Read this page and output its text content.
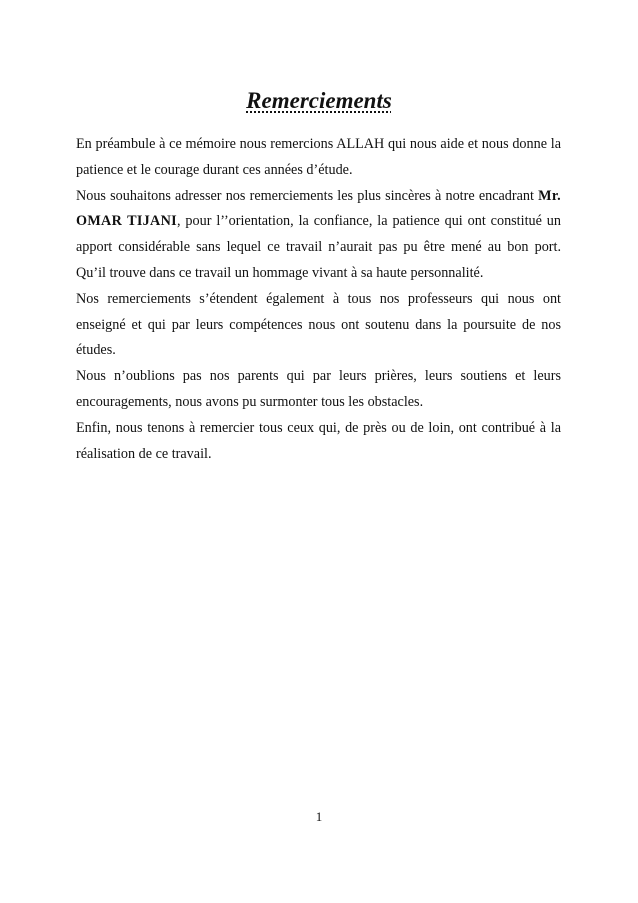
Remerciements

En préambule à ce mémoire nous remercions ALLAH qui nous aide et nous donne la patience et le courage durant ces années d’étude.

Nous souhaitons adresser nos remerciements les plus sincères à notre encadrant Mr. OMAR TIJANI, pour l’’orientation, la confiance, la patience qui ont constitué un apport considérable sans lequel ce travail n’aurait pas pu être mené au bon port. Qu’il trouve dans ce travail un hommage vivant à sa haute personnalité.

Nos remerciements s’étendent également à tous nos professeurs qui nous ont enseigné et qui par leurs compétences nous ont soutenu dans la poursuite de nos études.

Nous n’oublions pas nos parents qui par leurs prières, leurs soutiens et leurs encouragements, nous avons pu surmonter tous les obstacles.

Enfin, nous tenons à remercier tous ceux qui, de près ou de loin, ont contribué à la réalisation de ce travail.

1
